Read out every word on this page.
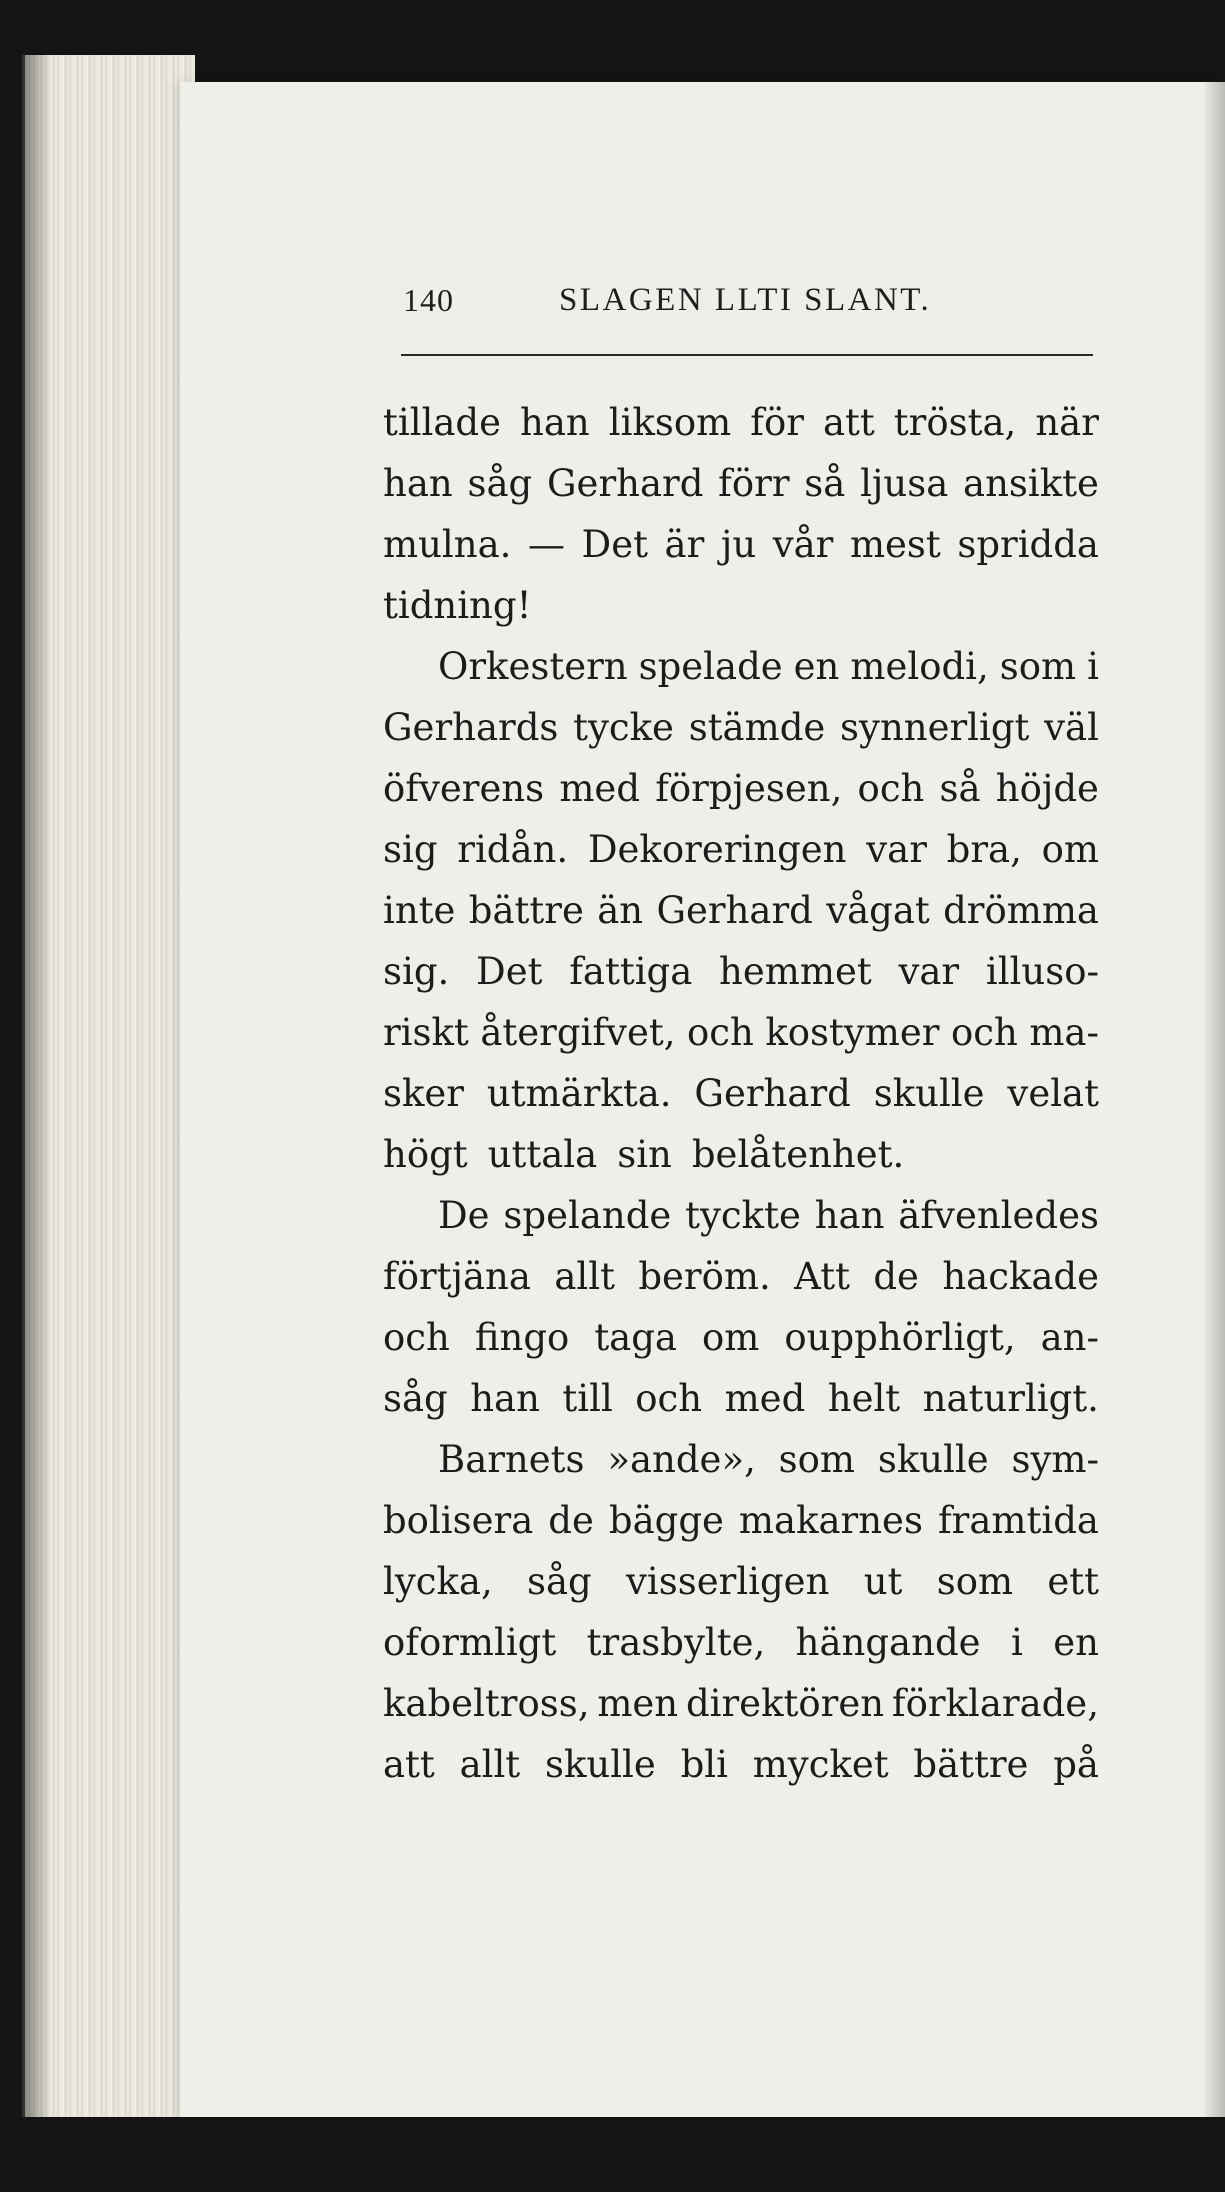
140	SLAGEN LLTI SLANT.
tillade han liksom för att trösta, när
han såg Gerhard förr så ljusa ansikte
mulna. — Det är ju vår mest spridda
tidning!
Orkestern spelade en melodi, som i
Gerhards tycke stämde synnerligt väl
öfverens med förpjesen, och så höjde
sig ridån. Dekoreringen var bra, om
inte bättre än Gerhard vågat drömma
sig. Det fattiga hemmet var illuso-
riskt återgifvet, och kostymer och ma-
sker utmärkta. Gerhard skulle velat
högt uttala sin belåtenhet.
De spelande tyckte han äfvenledes
förtjäna allt beröm. Att de hackade
och fingo taga om oupphörligt, an-
såg han till och med helt naturligt.
Barnets »ande», som skulle sym-
bolisera de bägge makarnes framtida
lycka, såg visserligen ut som ett
oformligt trasbylte, hängande i en
kabeltross, men direktören förklarade,
att allt skulle bli mycket bättre på
